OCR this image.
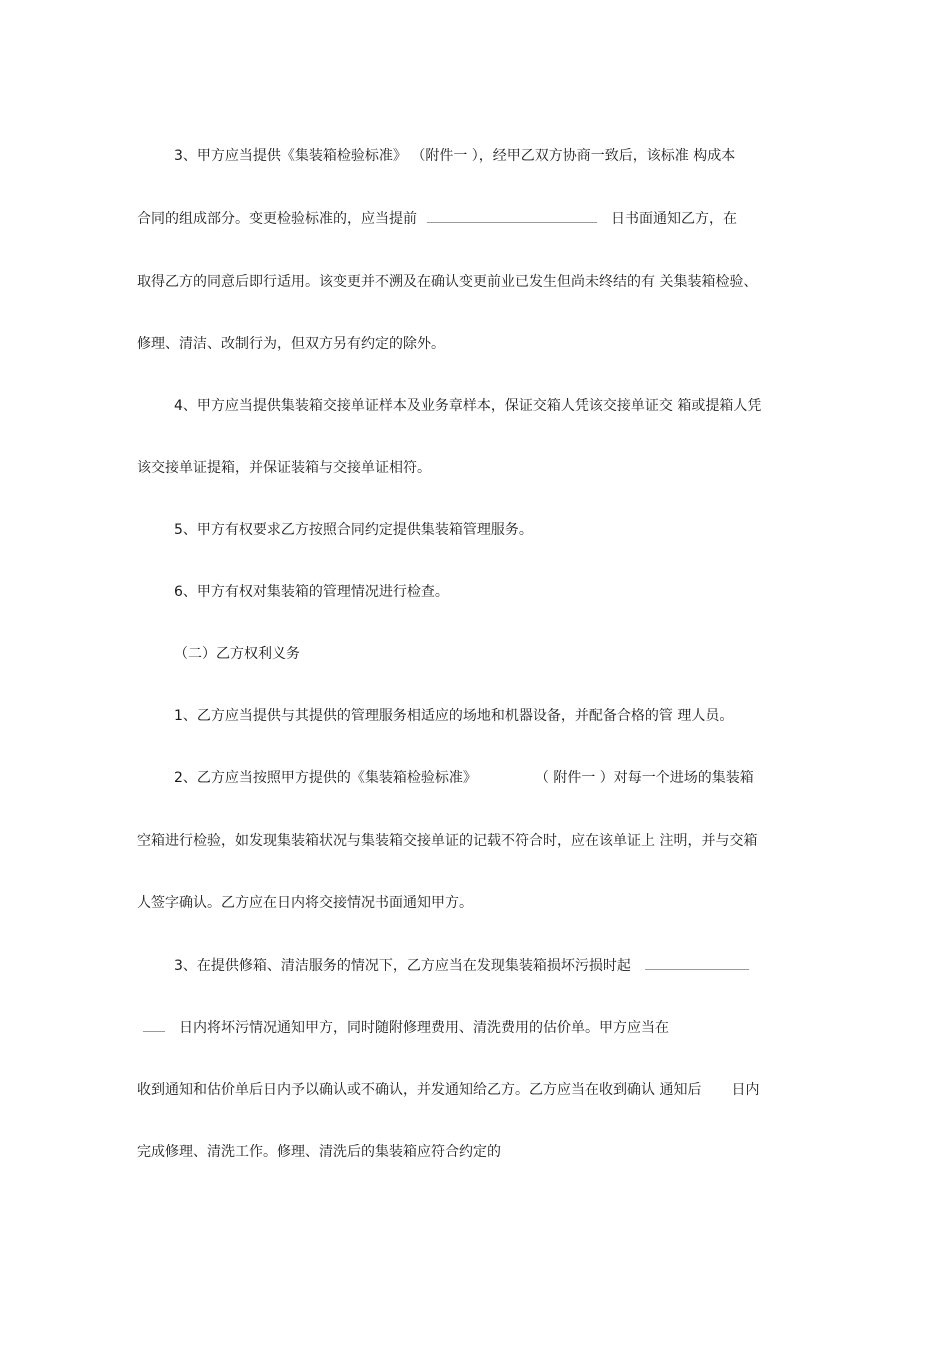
3、甲方应当提供《集装箱检验标准》 （附件一 ），经甲乙双方协商一致后，该标准 构成本
合同的组成部分。变更检验标准的，应当提前	日书面通知乙方，在
取得乙方的同意后即行适用。该变更并不溯及在确认变更前业已发生但尚未终结的有 关集装箱检验、
修理、清洁、改制行为，但双方另有约定的除外。
4、甲方应当提供集装箱交接单证样本及业务章样本，保证交箱人凭该交接单证交 箱或提箱人凭
该交接单证提箱，并保证装箱与交接单证相符。
5、甲方有权要求乙方按照合同约定提供集装箱管理服务。
6、甲方有权对集装箱的管理情况进行检查。
（二）乙方权利义务
1、乙方应当提供与其提供的管理服务相适应的场地和机器设备，并配备合格的管 理人员。
2、乙方应当按照甲方提供的《集装箱检验标准》	（ 附件一 ）对每一个进场的集装箱
空箱进行检验，如发现集装箱状况与集装箱交接单证的记载不符合时，应在该单证上 注明，并与交箱
人签字确认。乙方应在日内将交接情况书面通知甲方。
3、在提供修箱、清洁服务的情况下，乙方应当在发现集装箱损坏污损时起
日内将坏污情况通知甲方，同时随附修理费用、清洗费用的估价单。甲方应当在
收到通知和估价单后日内予以确认或不确认，并发通知给乙方。乙方应当在收到确认 通知后 日内
完成修理、清洗工作。修理、清洗后的集装箱应符合约定的
